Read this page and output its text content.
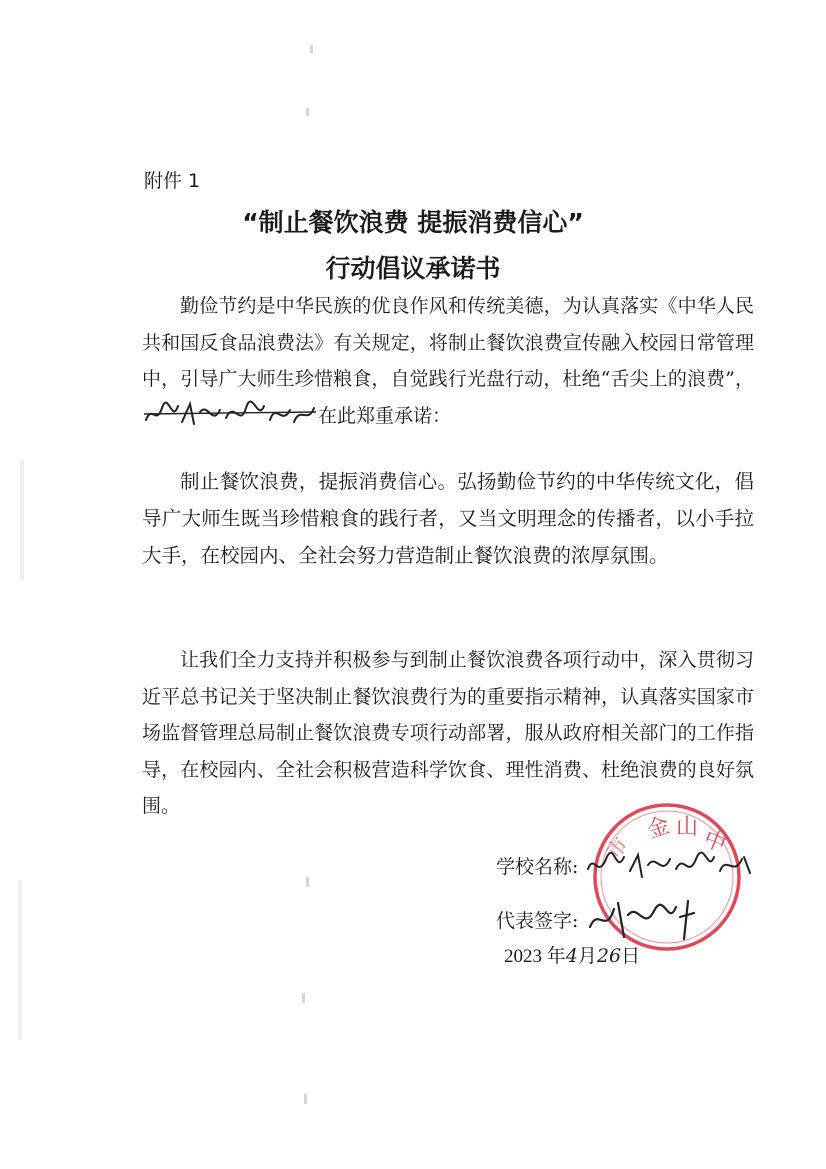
附件 1
“制止餐饮浪费 提振消费信心”
行动倡议承诺书
勤俭节约是中华民族的优良作风和传统美德，为认真落实《中华人民共和国反食品浪费法》有关规定，将制止餐饮浪费宣传融入校园日常管理中，引导广大师生珍惜粮食，自觉践行光盘行动，杜绝“舌尖上的浪费”，在此郑重承诺：
制止餐饮浪费，提振消费信心。弘扬勤俭节约的中华传统文化，倡导广大师生既当珍惜粮食的践行者，又当文明理念的传播者，以小手拉大手，在校园内、全社会努力营造制止餐饮浪费的浓厚氛围。
让我们全力支持并积极参与到制止餐饮浪费各项行动中，深入贯彻习近平总书记关于坚决制止餐饮浪费行为的重要指示精神，认真落实国家市场监督管理总局制止餐饮浪费专项行动部署，服从政府相关部门的工作指导，在校园内、全社会积极营造科学饮食、理性消费、杜绝浪费的良好氛围。
金 山 中
市
学校名称:
代表签字:
2023 年4月26日
